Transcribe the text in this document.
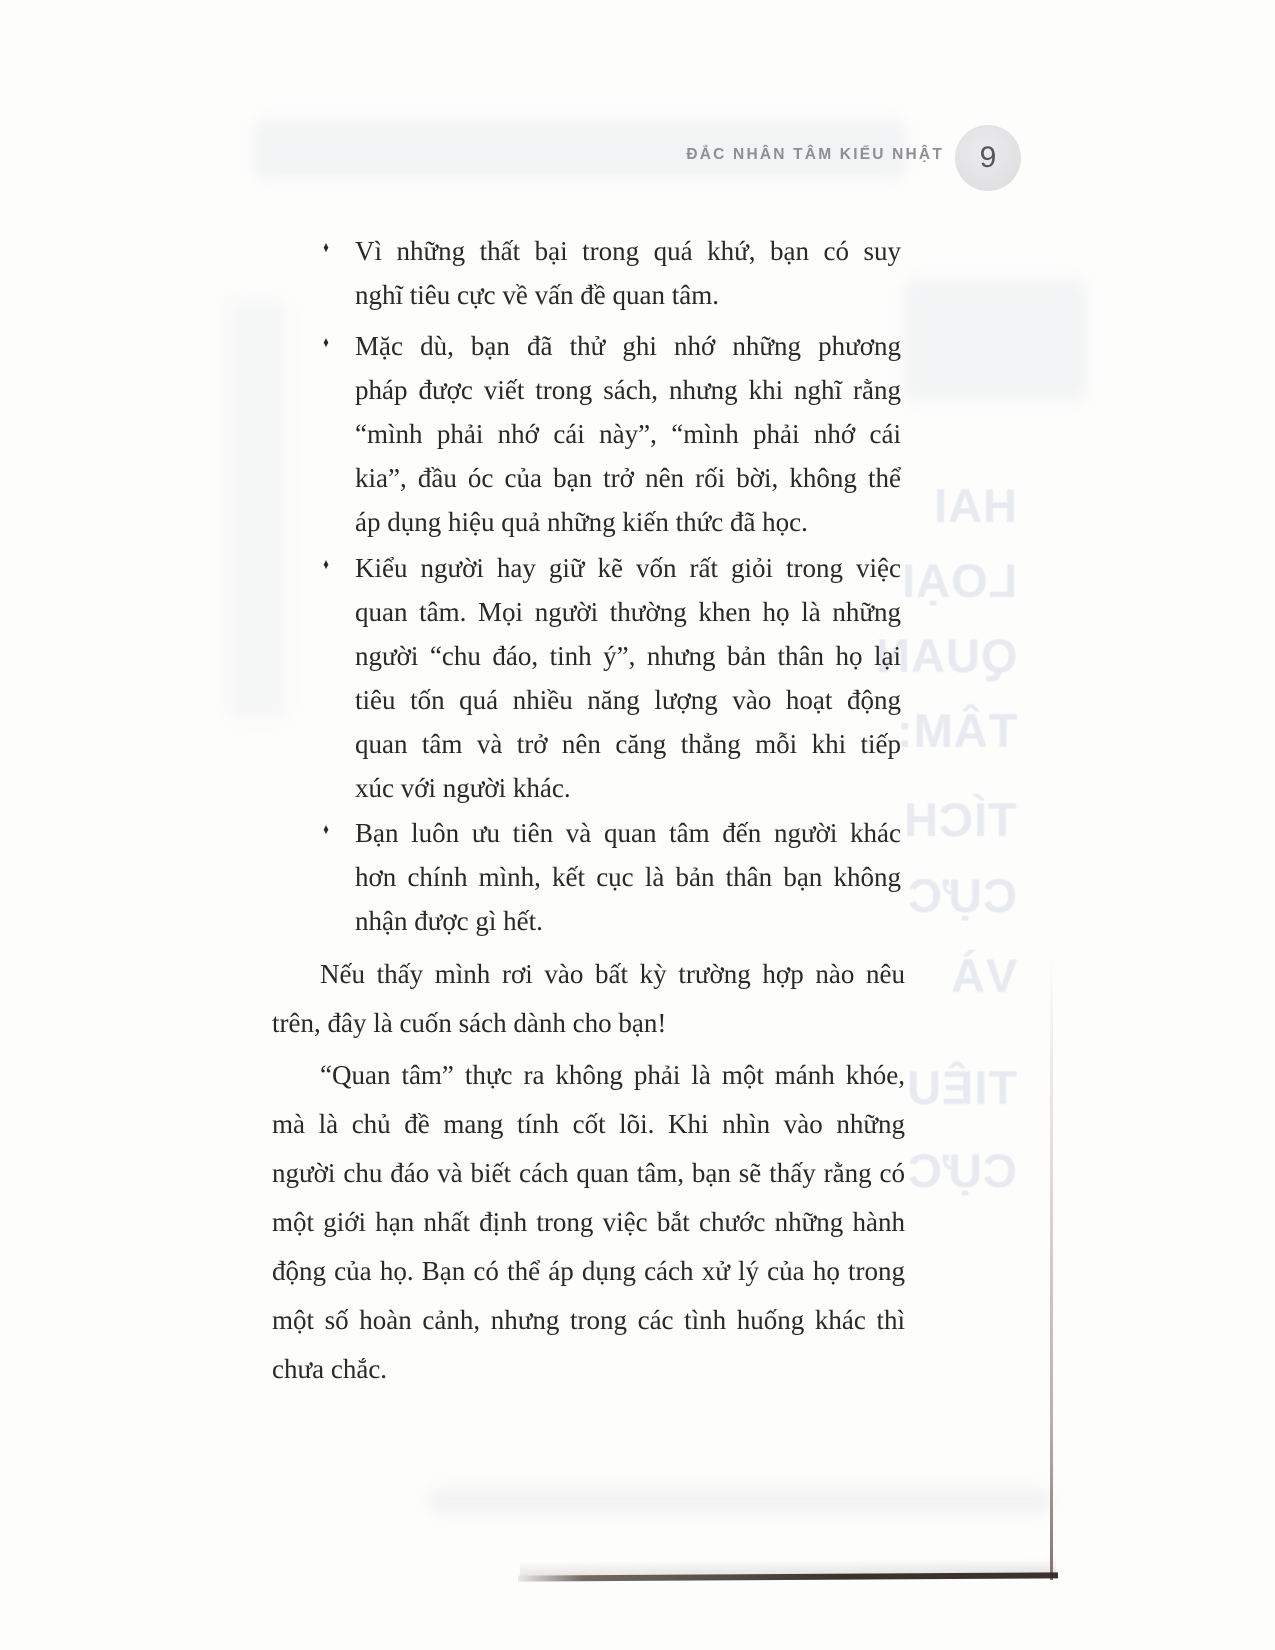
HAI
LOẠI
QUAN
TÂM:
TÍCH
CỰC
VÀ
TIÊU
CỰC
ĐẮC NHÂN TÂM KIỂU NHẬT 9
♦
♦
♦
♦
Vì những thất bại trong quá khứ, bạn có suy
nghĩ tiêu cực về vấn đề quan tâm.
Mặc dù, bạn đã thử ghi nhớ những phương
pháp được viết trong sách, nhưng khi nghĩ rằng
“mình phải nhớ cái này”, “mình phải nhớ cái
kia”, đầu óc của bạn trở nên rối bời, không thể
áp dụng hiệu quả những kiến thức đã học.
Kiểu người hay giữ kẽ vốn rất giỏi trong việc
quan tâm. Mọi người thường khen họ là những
người “chu đáo, tinh ý”, nhưng bản thân họ lại
tiêu tốn quá nhiều năng lượng vào hoạt động
quan tâm và trở nên căng thẳng mỗi khi tiếp
xúc với người khác.
Bạn luôn ưu tiên và quan tâm đến người khác
hơn chính mình, kết cục là bản thân bạn không
nhận được gì hết.
Nếu thấy mình rơi vào bất kỳ trường hợp nào nêu
trên, đây là cuốn sách dành cho bạn!
“Quan tâm” thực ra không phải là một mánh khóe,
mà là chủ đề mang tính cốt lõi. Khi nhìn vào những
người chu đáo và biết cách quan tâm, bạn sẽ thấy rằng có
một giới hạn nhất định trong việc bắt chước những hành
động của họ. Bạn có thể áp dụng cách xử lý của họ trong
một số hoàn cảnh, nhưng trong các tình huống khác thì
chưa chắc.
